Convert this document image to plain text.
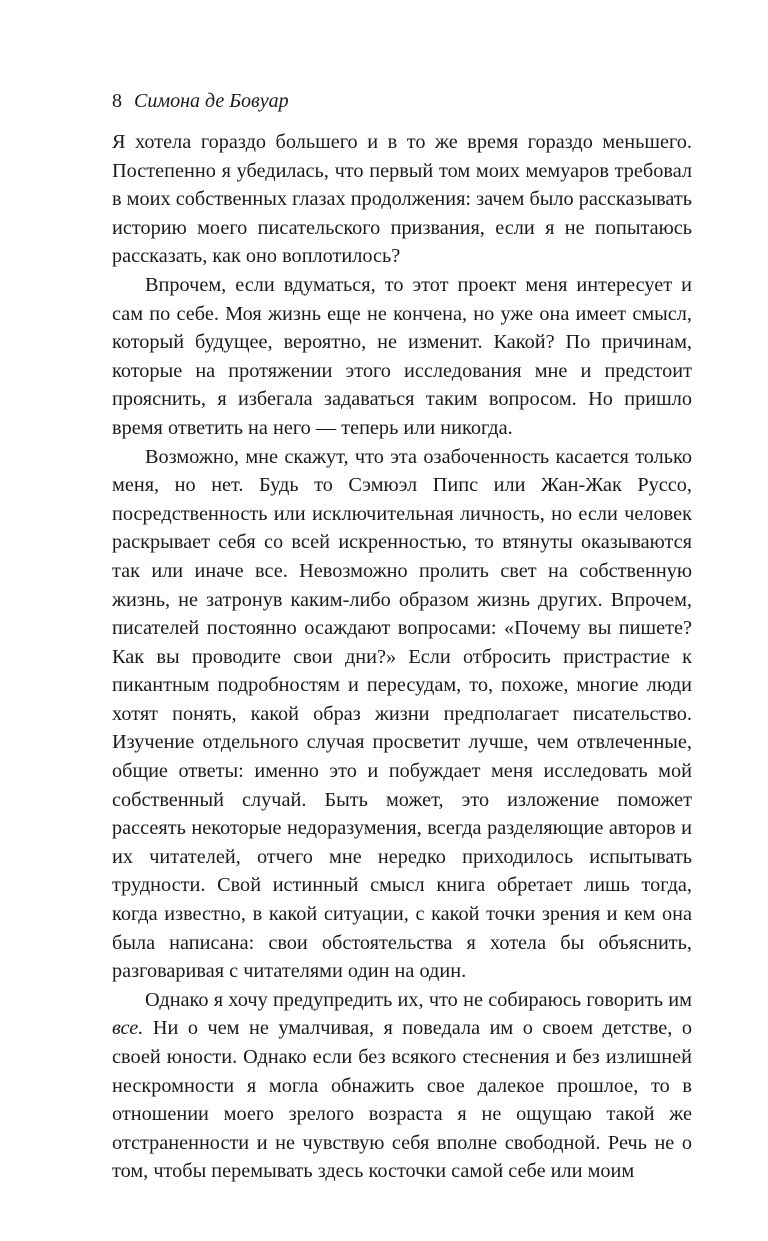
8 Симона де Бовуар

Я хотела гораздо большего и в то же время гораздо меньшего. Постепенно я убедилась, что первый том моих мемуаров требовал в моих собственных глазах продолжения: зачем было рассказывать историю моего писательского призвания, если я не попытаюсь рассказать, как оно воплотилось?

Впрочем, если вдуматься, то этот проект меня интересует и сам по себе. Моя жизнь еще не кончена, но уже она имеет смысл, который будущее, вероятно, не изменит. Какой? По причинам, которые на протяжении этого исследования мне и предстоит прояснить, я избегала задаваться таким вопросом. Но пришло время ответить на него — теперь или никогда.

Возможно, мне скажут, что эта озабоченность касается только меня, но нет. Будь то Сэмюэл Пипс или Жан-Жак Руссо, посредственность или исключительная личность, но если человек раскрывает себя со всей искренностью, то втянуты оказываются так или иначе все. Невозможно пролить свет на собственную жизнь, не затронув каким-либо образом жизнь других. Впрочем, писателей постоянно осаждают вопросами: «Почему вы пишете? Как вы проводите свои дни?» Если отбросить пристрастие к пикантным подробностям и пересудам, то, похоже, многие люди хотят понять, какой образ жизни предполагает писательство. Изучение отдельного случая просветит лучше, чем отвлеченные, общие ответы: именно это и побуждает меня исследовать мой собственный случай. Быть может, это изложение поможет рассеять некоторые недоразумения, всегда разделяющие авторов и их читателей, отчего мне нередко приходилось испытывать трудности. Свой истинный смысл книга обретает лишь тогда, когда известно, в какой ситуации, с какой точки зрения и кем она была написана: свои обстоятельства я хотела бы объяснить, разговаривая с читателями один на один.

Однако я хочу предупредить их, что не собираюсь говорить им все. Ни о чем не умалчивая, я поведала им о своем детстве, о своей юности. Однако если без всякого стеснения и без излишней нескромности я могла обнажить свое далекое прошлое, то в отношении моего зрелого возраста я не ощущаю такой же отстраненности и не чувствую себя вполне свободной. Речь не о том, чтобы перемывать здесь косточки самой себе или моим
